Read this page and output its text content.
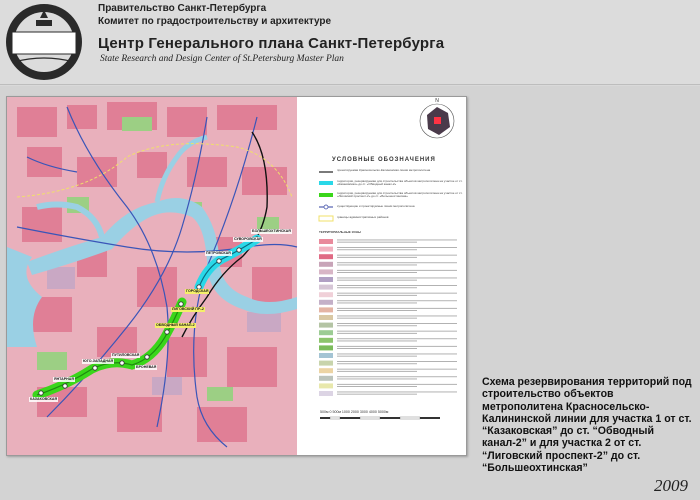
Правительство Санкт-Петербурга
Комитет по градостроительству и архитектуре
Центр Генерального плана Санкт-Петербурга
State Research and Design Center of St.Petersburg Master Plan
N
КАЗАКОВСКАЯ
ЯНТАРНАЯ
ЮГО-ЗАПАДНАЯ
ПУТИЛОВСКАЯ
БРОНЕВАЯ
ОБВОДНЫЙ КАНАЛ-2
ЛИГОВСКИЙ ПР.-2
ГОРОДСКАЯ
ПЕТРОВСКАЯ
СУВОРОВСКАЯ
БОЛЬШЕОХТИНСКАЯ
УСЛОВНЫЕ ОБОЗНАЧЕНИЯ
проектируемая Красносельско-Калининская линия метрополитена
территория, резервируемая для строительства объектов метрополитена на участке от ст. «Казаковская» до ст. «Обводный канал-2»
территория, резервируемая для строительства объектов метрополитена на участке от ст. «Лиговский проспект-2» до ст. «Большеохтинская»
существующие и проектируемые линии метрополитена
границы административных районов
ТЕРРИТОРИАЛЬНЫЕ ЗОНЫ
500м 0 500м 1000 2000 3000 4000 5000м
Схема резервирования территорий под строительство объектов метрополитена Красносельско-Калининской линии для участка 1 от ст. “Казаковская” до ст. “Обводный канал-2” и для участка 2 от ст. “Лиговский проспект-2” до ст. “Большеохтинская”
2009
